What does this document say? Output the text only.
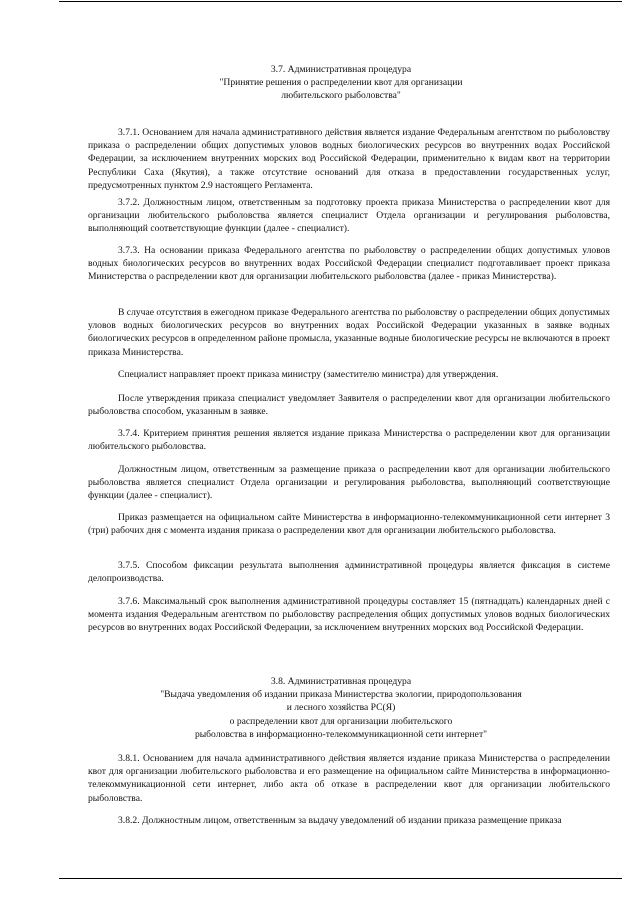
3.7. Административная процедура
"Принятие решения о распределении квот для организации
любительского рыболовства"
3.7.1. Основанием для начала административного действия является издание Федеральным агентством по рыболовству приказа о распределении общих допустимых уловов водных биологических ресурсов во внутренних водах Российской Федерации, за исключением внутренних морских вод Российской Федерации, применительно к видам квот на территории Республики Саха (Якутия), а также отсутствие оснований для отказа в предоставлении государственных услуг, предусмотренных пунктом 2.9 настоящего Регламента.
3.7.2. Должностным лицом, ответственным за подготовку проекта приказа Министерства о распределении квот для организации любительского рыболовства является специалист Отдела организации и регулирования рыболовства, выполняющий соответствующие функции (далее - специалист).
3.7.3. На основании приказа Федерального агентства по рыболовству о распределении общих допустимых уловов водных биологических ресурсов во внутренних водах Российской Федерации специалист подготавливает проект приказа Министерства о распределении квот для организации любительского рыболовства (далее - приказ Министерства).
В случае отсутствия в ежегодном приказе Федерального агентства по рыболовству о распределении общих допустимых уловов водных биологических ресурсов во внутренних водах Российской Федерации указанных в заявке водных биологических ресурсов в определенном районе промысла, указанные водные биологические ресурсы не включаются в проект приказа Министерства.
Специалист направляет проект приказа министру (заместителю министра) для утверждения.
После утверждения приказа специалист уведомляет Заявителя о распределении квот для организации любительского рыболовства способом, указанным в заявке.
3.7.4. Критерием принятия решения является издание приказа Министерства о распределении квот для организации любительского рыболовства.
Должностным лицом, ответственным за размещение приказа о распределении квот для организации любительского рыболовства является специалист Отдела организации и регулирования рыболовства, выполняющий соответствующие функции (далее - специалист).
Приказ размещается на официальном сайте Министерства в информационно-телекоммуникационной сети интернет 3 (три) рабочих дня с момента издания приказа о распределении квот для организации любительского рыболовства.
3.7.5. Способом фиксации результата выполнения административной процедуры является фиксация в системе делопроизводства.
3.7.6. Максимальный срок выполнения административной процедуры составляет 15 (пятнадцать) календарных дней с момента издания Федеральным агентством по рыболовству распределения общих допустимых уловов водных биологических ресурсов во внутренних водах Российской Федерации, за исключением внутренних морских вод Российской Федерации.
3.8. Административная процедура
"Выдача уведомления об издании приказа Министерства экологии, природопользования
и лесного хозяйства РС(Я)
о распределении квот для организации любительского
рыболовства в информационно-телекоммуникационной сети интернет"
3.8.1. Основанием для начала административного действия является издание приказа Министерства о распределении квот для организации любительского рыболовства и его размещение на официальном сайте Министерства в информационно-телекоммуникационной сети интернет, либо акта об отказе в распределении квот для организации любительского рыболовства.
3.8.2. Должностным лицом, ответственным за выдачу уведомлений об издании приказа размещение приказа
